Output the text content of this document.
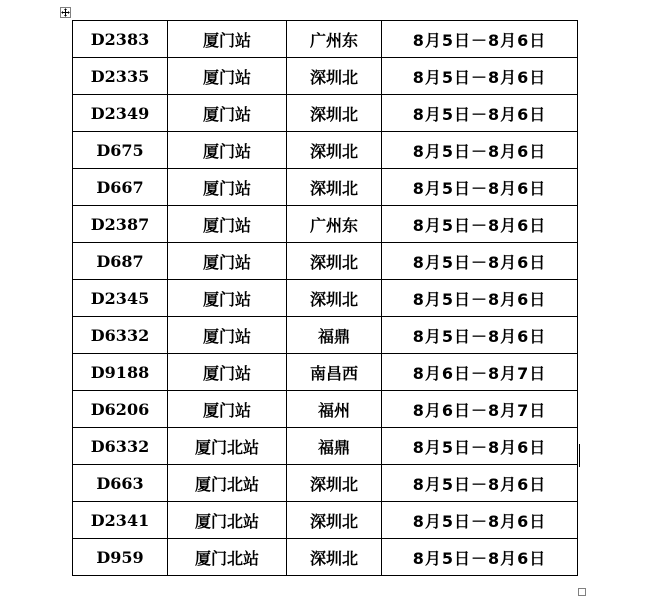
D2383	厦门站	广州东	8月5日－8月6日
D2335	厦门站	深圳北	8月5日－8月6日
D2349	厦门站	深圳北	8月5日－8月6日
D675	厦门站	深圳北	8月5日－8月6日
D667	厦门站	深圳北	8月5日－8月6日
D2387	厦门站	广州东	8月5日－8月6日
D687	厦门站	深圳北	8月5日－8月6日
D2345	厦门站	深圳北	8月5日－8月6日
D6332	厦门站	福鼎	8月5日－8月6日
D9188	厦门站	南昌西	8月6日－8月7日
D6206	厦门站	福州	8月6日－8月7日
D6332	厦门北站	福鼎	8月5日－8月6日
D663	厦门北站	深圳北	8月5日－8月6日
D2341	厦门北站	深圳北	8月5日－8月6日
D959	厦门北站	深圳北	8月5日－8月6日
